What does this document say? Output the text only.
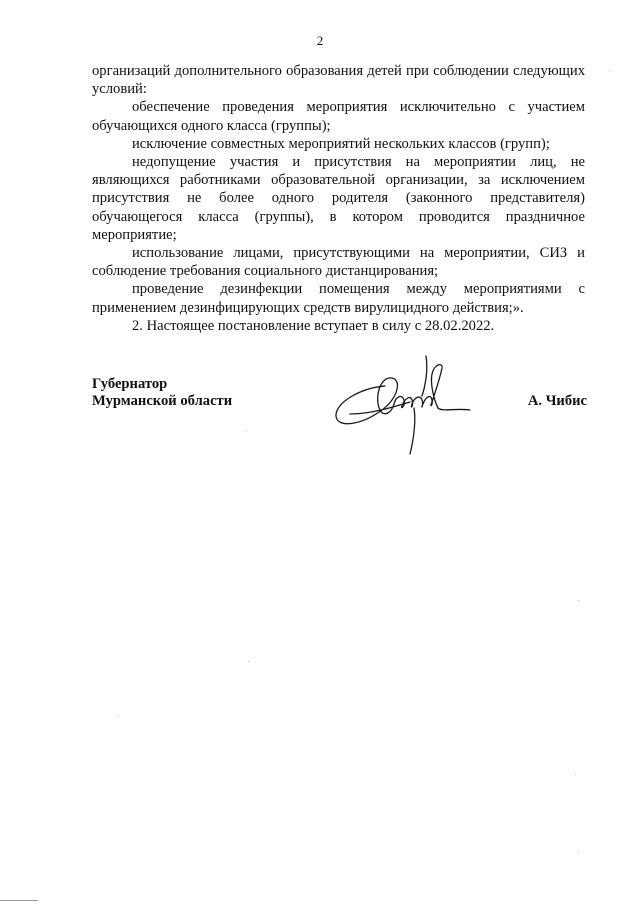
2

организаций дополнительного образования детей при соблюдении следующих условий:

обеспечение проведения мероприятия исключительно с участием обучающихся одного класса (группы);

исключение совместных мероприятий нескольких классов (групп);

недопущение участия и присутствия на мероприятии лиц, не являющихся работниками образовательной организации, за исключением присутствия не более одного родителя (законного представителя) обучающегося класса (группы), в котором проводится праздничное мероприятие;

использование лицами, присутствующими на мероприятии, СИЗ и соблюдение требования социального дистанцирования;

проведение дезинфекции помещения между мероприятиями с применением дезинфицирующих средств вирулицидного действия;».

2. Настоящее постановление вступает в силу с 28.02.2022.

Губернатор
Мурманской области	А. Чибис
